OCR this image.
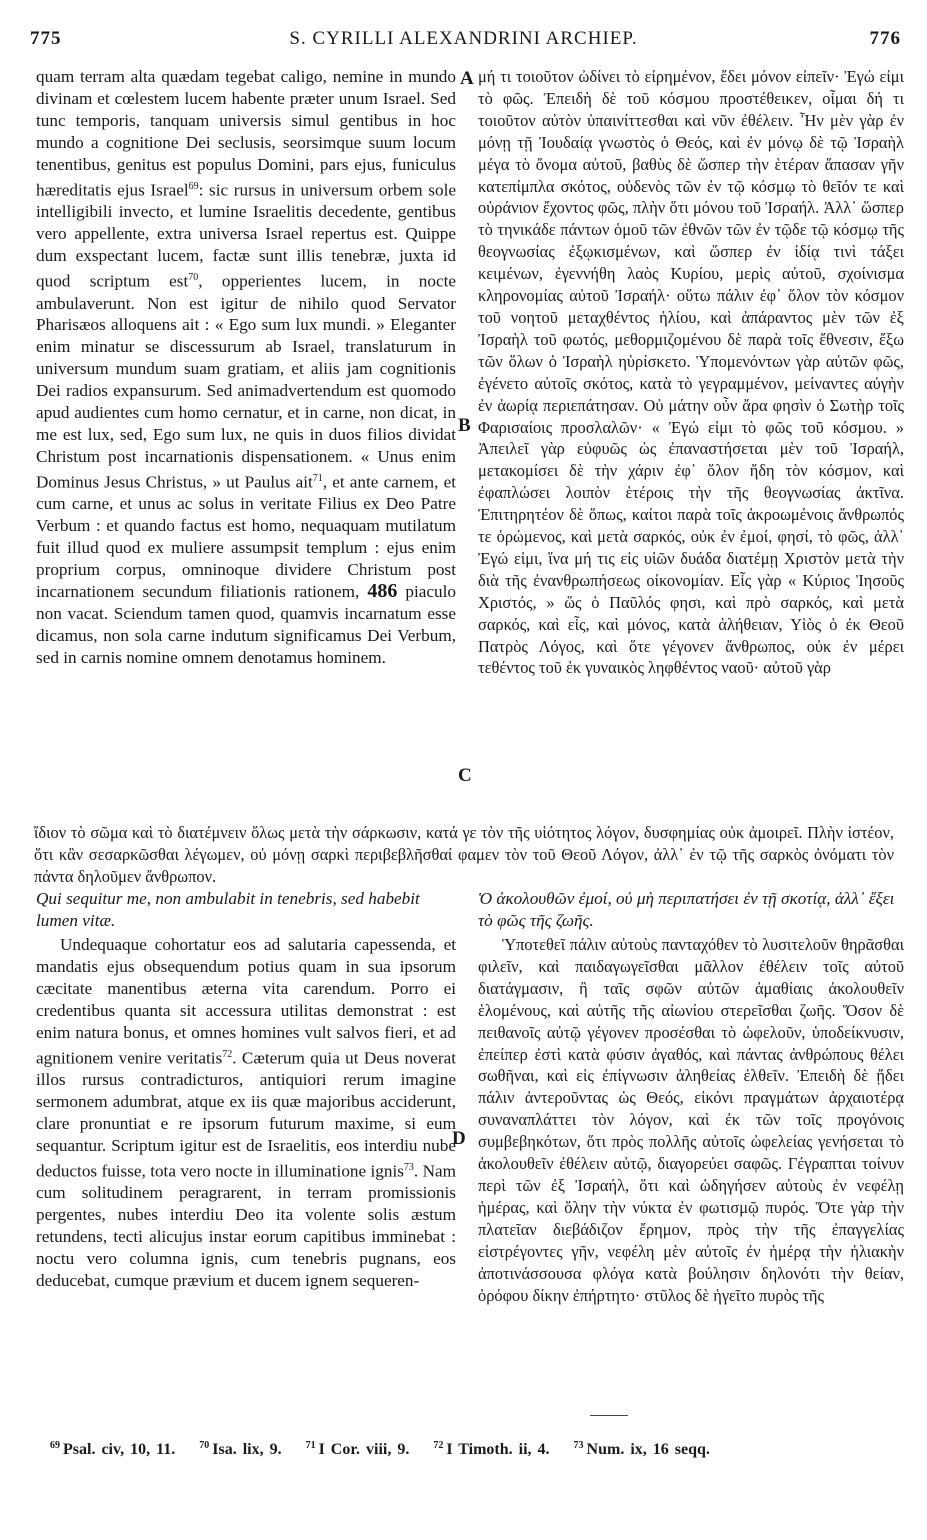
775	S. CYRILLI ALEXANDRINI ARCHIEP.	776
A
B
C
D

quam terram alta quædam tegebat caligo, nemine in mundo divinam et cœlestem lucem habente præter unum Israel. Sed tunc temporis, tanquam universis simul gentibus in hoc mundo a cognitione Dei seclusis, seorsimque suum locum tenentibus, genitus est populus Domini, pars ejus, funiculus hæreditatis ejus Israel$^{69}$: sic rursus in universum orbem sole intelligibili invecto, et lumine Israelitis decedente, gentibus vero appellente, extra universa Israel repertus est. Quippe dum exspectant lucem, factæ sunt illis tenebræ, juxta id quod scriptum est$^{70}$, opperientes lucem, in nocte ambulaverunt. Non est igitur de nihilo quod Servator Pharisæos alloquens ait : « Ego sum lux mundi. » Eleganter enim minatur se discessurum ab Israel, translaturum in universum mundum suam gratiam, et aliis jam cognitionis Dei radios expansurum. Sed animadvertendum est quomodo apud audientes cum homo cernatur, et in carne, non dicat, in me est lux, sed, Ego sum lux, ne quis in duos filios dividat Christum post incarnationis dispensationem. « Unus enim Dominus Jesus Christus, » ut Paulus ait$^{71}$, et ante carnem, et cum carne, et unus ac solus in veritate Filius ex Deo Patre Verbum : et quando factus est homo, nequaquam mutilatum fuit illud quod ex muliere assumpsit templum : ejus enim proprium corpus, omninoque dividere Christum post incarnationem secundum filiationis rationem, 486 piaculo non vacat. Sciendum tamen quod, quamvis incarnatum esse dicamus, non sola carne indutum significamus Dei Verbum, sed in carnis nomine omnem denotamus hominem.

μή τι τοιοῦτον ὠδίνει τὸ εἰρημένον, ἔδει μόνον εἰπεῖν· Ἐγώ εἰμι τὸ φῶς. Ἐπειδὴ δὲ τοῦ κόσμου προστέθεικεν, οἶμαι δή τι τοιοῦτον αὐτὸν ὑπαινίττεσθαι καὶ νῦν ἐθέλειν. Ἦν μὲν γὰρ ἐν μόνῃ τῇ Ἰουδαίᾳ γνωστὸς ὁ Θεός, καὶ ἐν μόνῳ δὲ τῷ Ἰσραὴλ μέγα τὸ ὄνομα αὐτοῦ, βαθὺς δὲ ὥσπερ τὴν ἑτέραν ἅπασαν γῆν κατεπίμπλα σκότος, οὐδενὸς τῶν ἐν τῷ κόσμῳ τὸ θεῖόν τε καὶ οὐράνιον ἔχοντος φῶς, πλὴν ὅτι μόνου τοῦ Ἰσραήλ. Ἀλλ᾽ ὥσπερ τὸ τηνικάδε πάντων ὁμοῦ τῶν ἐθνῶν τῶν ἐν τῷδε τῷ κόσμῳ τῆς θεογνωσίας ἐξῳκισμένων, καὶ ὥσπερ ἐν ἰδίᾳ τινὶ τάξει κειμένων, ἐγεννήθη λαὸς Κυρίου, μερὶς αὐτοῦ, σχοίνισμα κληρονομίας αὐτοῦ Ἰσραήλ· οὕτω πάλιν ἐφ᾽ ὅλον τὸν κόσμον τοῦ νοητοῦ μεταχθέντος ἡλίου, καὶ ἀπάραντος μὲν τῶν ἐξ Ἰσραὴλ τοῦ φωτός, μεθορμιζομένου δὲ παρὰ τοῖς ἔθνεσιν, ἔξω τῶν ὅλων ὁ Ἰσραὴλ ηὑρίσκετο. Ὑπομενόντων γὰρ αὐτῶν φῶς, ἐγένετο αὐτοῖς σκότος, κατὰ τὸ γεγραμμένον, μείναντες αὐγὴν ἐν ἀωρίᾳ περιεπάτησαν. Οὐ μάτην οὖν ἄρα φησὶν ὁ Σωτὴρ τοῖς Φαρισαίοις προσλαλῶν· « Ἐγώ εἰμι τὸ φῶς τοῦ κόσμου. » Ἀπειλεῖ γὰρ εὐφυῶς ὡς ἐπαναστήσεται μὲν τοῦ Ἰσραήλ, μετακομίσει δὲ τὴν χάριν ἐφ᾽ ὅλον ἤδη τὸν κόσμον, καὶ ἐφαπλώσει λοιπὸν ἑτέροις τὴν τῆς θεογνωσίας ἀκτῖνα. Ἐπιτηρητέον δὲ ὅπως, καίτοι παρὰ τοῖς ἀκροωμένοις ἄνθρωπός τε ὁρώμενος, καὶ μετὰ σαρκός, οὐκ ἐν ἐμοί, φησί, τὸ φῶς, ἀλλ᾽ Ἐγώ εἰμι, ἵνα μή τις εἰς υἱῶν δυάδα διατέμῃ Χριστὸν μετὰ τὴν διὰ τῆς ἐνανθρωπήσεως οἰκονομίαν. Εἷς γὰρ « Κύριος Ἰησοῦς Χριστός, » ὥς ὁ Παῦλός φησι, καὶ πρὸ σαρκός, καὶ μετὰ σαρκός, καὶ εἷς, καὶ μόνος, κατὰ ἀλήθειαν, Υἱὸς ὁ ἐκ Θεοῦ Πατρὸς Λόγος, καὶ ὅτε γέγονεν ἄνθρωπος, οὐκ ἐν μέρει τεθέντος τοῦ ἐκ γυναικὸς ληφθέντος ναοῦ· αὐτοῦ γὰρ

ἴδιον τὸ σῶμα καὶ τὸ διατέμνειν ὅλως μετὰ τὴν σάρκωσιν, κατά γε τὸν τῆς υἱότητος λόγον, δυσφημίας οὐκ ἀμοιρεῖ. Πλὴν ἰστέον, ὅτι κἂν σεσαρκῶσθαι λέγωμεν, οὐ μόνῃ σαρκὶ περιβεβλῆσθαί φαμεν τὸν τοῦ Θεοῦ Λόγον, ἀλλ᾽ ἐν τῷ τῆς σαρκὸς ὀνόματι τὸν πάντα δηλοῦμεν ἄνθρωπον.
Qui sequitur me, non ambulabit in tenebris, sed habebit lumen vitæ.
Ὁ ἀκολουθῶν ἐμοί, οὐ μὴ περιπατήσει ἐν τῇ σκοτίᾳ, ἀλλ᾽ ἕξει τὸ φῶς τῆς ζωῆς.

Undequaque cohortatur eos ad salutaria capessenda, et mandatis ejus obsequendum potius quam in sua ipsorum cæcitate manentibus æterna vita carendum. Porro ei credentibus quanta sit accessura utilitas demonstrat : est enim natura bonus, et omnes homines vult salvos fieri, et ad agnitionem venire veritatis$^{72}$. Cæterum quia ut Deus noverat illos rursus contradicturos, antiquiori rerum imagine sermonem adumbrat, atque ex iis quæ majoribus acciderunt, clare pronuntiat e re ipsorum futurum maxime, si eum sequantur. Scriptum igitur est de Israelitis, eos interdiu nube deductos fuisse, tota vero nocte in illuminatione ignis$^{73}$. Nam cum solitudinem peragrarent, in terram promissionis pergentes, nubes interdiu Deo ita volente solis æstum retundens, tecti alicujus instar eorum capitibus imminebat : noctu vero columna ignis, cum tenebris pugnans, eos deducebat, cumque prævium et ducem ignem sequeren-

Ὑποτεθεῖ πάλιν αὐτοὺς πανταχόθεν τὸ λυσιτελοῦν θηρᾶσθαι φιλεῖν, καὶ παιδαγωγεῖσθαι μᾶλλον ἐθέλειν τοῖς αὐτοῦ διατάγμασιν, ἢ ταῖς σφῶν αὐτῶν ἀμαθίαις ἀκολουθεῖν ἑλομένους, καὶ αὐτῆς τῆς αἰωνίου στερεῖσθαι ζωῆς. Ὅσον δὲ πειθανοῖς αὐτῷ γέγονεν προσέσθαι τὸ ὠφελοῦν, ὑποδείκνυσιν, ἐπείπερ ἐστὶ κατὰ φύσιν ἀγαθός, καὶ πάντας ἀνθρώπους θέλει σωθῆναι, καὶ εἰς ἐπίγνωσιν ἀληθείας ἐλθεῖν. Ἐπειδὴ δὲ ᾔδει πάλιν ἀντεροῦντας ὡς Θεός, εἰκόνι πραγμάτων ἀρχαιοτέρᾳ συναναπλάττει τὸν λόγον, καὶ ἐκ τῶν τοῖς προγόνοις συμβεβηκότων, ὅτι πρὸς πολλῆς αὐτοῖς ὠφελείας γενήσεται τὸ ἀκολουθεῖν ἐθέλειν αὐτῷ, διαγορεύει σαφῶς. Γέγραπται τοίνυν περὶ τῶν ἐξ Ἰσραήλ, ὅτι καὶ ὡδηγήσεν αὐτοὺς ἐν νεφέλῃ ἡμέρας, καὶ ὅλην τὴν νύκτα ἐν φωτισμῷ πυρός. Ὅτε γὰρ τὴν πλατεῖαν διεβάδιζον ἔρημον, πρὸς τὴν τῆς ἐπαγγελίας εἰστρέγοντες γῆν, νεφέλη μὲν αὐτοῖς ἐν ἡμέρᾳ τὴν ἡλιακὴν ἀποτινάσσουσα φλόγα κατὰ βούλησιν δηλονότι τὴν θείαν, ὀρόφου δίκην ἐπήρτητο· στῦλος δὲ ἡγεῖτο πυρὸς τῆς

$^{69}$ Psal. civ, 10, 11. $^{70}$ Isa. lix, 9. $^{71}$ I Cor. viii, 9. $^{72}$ I Timoth. ii, 4. $^{73}$ Num. ix, 16 seqq.
